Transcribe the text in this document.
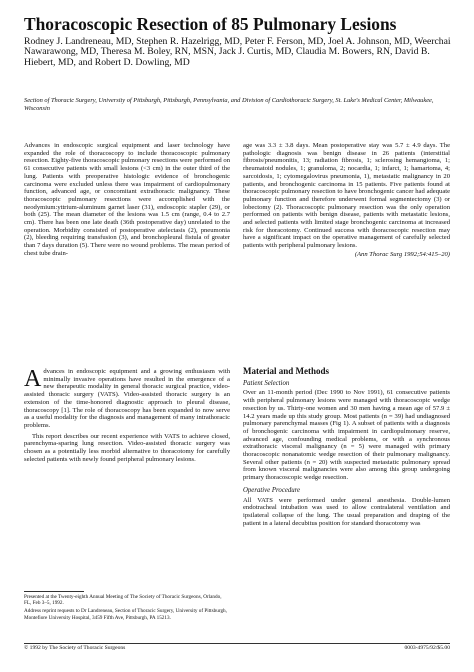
Thoracoscopic Resection of 85 Pulmonary Lesions
Rodney J. Landreneau, MD, Stephen R. Hazelrigg, MD, Peter F. Ferson, MD, Joel A. Johnson, MD, Weerchai Nawarawong, MD, Theresa M. Boley, RN, MSN, Jack J. Curtis, MD, Claudia M. Bowers, RN, David B. Hiebert, MD, and Robert D. Dowling, MD
Section of Thoracic Surgery, University of Pittsburgh, Pittsburgh, Pennsylvania, and Division of Cardiothoracic Surgery, St. Luke's Medical Center, Milwaukee, Wisconsin
Advances in endoscopic surgical equipment and laser technology have expanded the role of thoracoscopy to include thoracoscopic pulmonary resection. Eighty-five thoracoscopic pulmonary resections were performed on 61 consecutive patients with small lesions (<3 cm) in the outer third of the lung. Patients with preoperative histologic evidence of bronchogenic carcinoma were excluded unless there was impairment of cardiopulmonary function, advanced age, or concomitant extrathoracic malignancy. These thoracoscopic pulmonary resections were accomplished with the neodymium:yttrium-aluminum garnet laser (31), endoscopic stapler (29), or both (25). The mean diameter of the lesions was 1.5 cm (range, 0.4 to 2.7 cm). There has been one late death (36th postoperative day) unrelated to the operation. Morbidity consisted of postoperative atelectasis (2), pneumonia (2), bleeding requiring transfusion (3), and bronchopleural fistula of greater than 7 days duration (5). There were no wound problems. The mean period of chest tube drain-
age was 3.3 ± 3.8 days. Mean postoperative stay was 5.7 ± 4.9 days. The pathologic diagnosis was benign disease in 26 patients (interstitial fibrosis/pneumonitis, 13; radiation fibrosis, 1; sclerosing hemangioma, 1; rheumatoid nodules, 1; granuloma, 2; nocardia, 1; infarct, 1; hamartoma, 4; sarcoidosis, 1; cytomegalovirus pneumonia, 1), metastatic malignancy in 20 patients, and bronchogenic carcinoma in 15 patients. Five patients found at thoracoscopic pulmonary resection to have bronchogenic cancer had adequate pulmonary function and therefore underwent formal segmentectomy (3) or lobectomy (2). Thoracoscopic pulmonary resection was the only operation performed on patients with benign disease, patients with metastatic lesions, and selected patients with limited stage bronchogenic carcinoma at increased risk for thoracotomy. Continued success with thoracoscopic resection may have a significant impact on the operative management of carefully selected patients with peripheral pulmonary lesions.
(Ann Thorac Surg 1992;54:415–20)

Advances in endoscopic equipment and a growing enthusiasm with minimally invasive operations have resulted in the emergence of a new therapeutic modality in general thoracic surgical practice, video-assisted thoracic surgery (VATS). Video-assisted thoracic surgery is an extension of the time-honored diagnostic approach to pleural disease, thoracoscopy [1]. The role of thoracoscopy has been expanded to now serve as a useful modality for the diagnosis and management of many intrathoracic problems.

This report describes our recent experience with VATS to achieve closed, parenchyma-sparing lung resection. Video-assisted thoracic surgery was chosen as a potentially less morbid alternative to thoracotomy for carefully selected patients with newly found peripheral pulmonary lesions.

Material and Methods
Patient Selection

Over an 11-month period (Dec 1990 to Nov 1991), 61 consecutive patients with peripheral pulmonary lesions were managed with thoracoscopic wedge resection by us. Thirty-one women and 30 men having a mean age of 57.9 ± 14.2 years made up this study group. Most patients (n = 39) had undiagnosed pulmonary parenchymal masses (Fig 1). A subset of patients with a diagnosis of bronchogenic carcinoma with impairment in cardiopulmonary reserve, advanced age, confounding medical problems, or with a synchronous extrathoracic visceral malignancy (n = 5) were managed with primary thoracoscopic nonanatomic wedge resection of their pulmonary malignancy. Several other patients (n = 20) with suspected metastatic pulmonary spread from known visceral malignancies were also among this group undergoing primary thoracoscopic wedge resection.

Operative Procedure

All VATS were performed under general anesthesia. Double-lumen endotracheal intubation was used to allow contralateral ventilation and ipsilateral collapse of the lung. The usual preparation and draping of the patient in a lateral decubitus position for standard thoracotomy was

Presented at the Twenty-eighth Annual Meeting of The Society of Thoracic Surgeons, Orlando, FL, Feb 3–5, 1992.

Address reprint requests to Dr Landreneau, Section of Thoracic Surgery, University of Pittsburgh, Montefiore University Hospital, 3459 Fifth Ave, Pittsburgh, PA 15213.

© 1992 by The Society of Thoracic Surgeons	0003-4975/92/$5.00
